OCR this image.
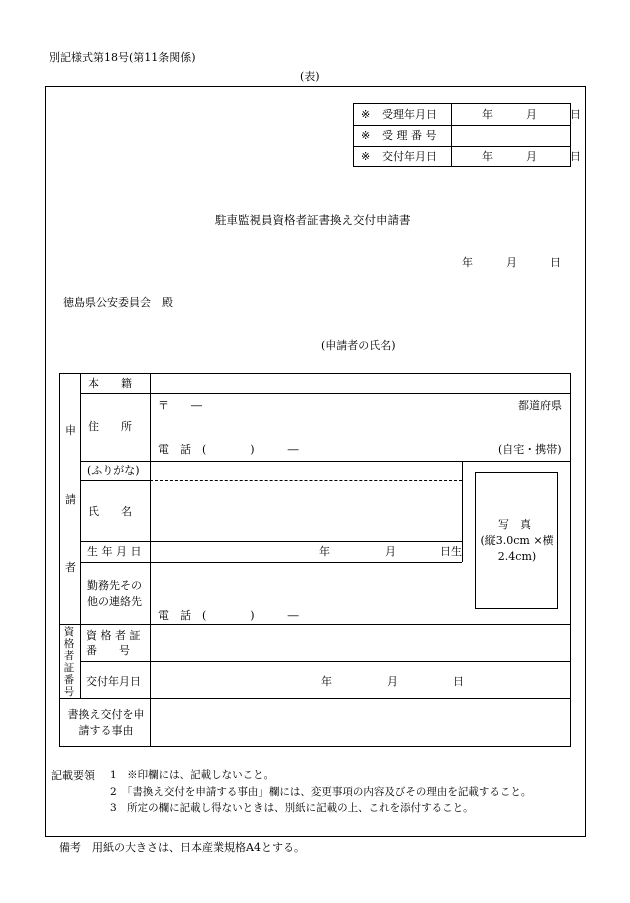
別記様式第18号(第11条関係)
(表)
※ 受理年月日	年　　　月　　　日
※ 受 理 番 号
※ 交付年月日	年　　　月　　　日
駐車監視員資格者証書換え交付申請書
年　　　月　　　日
徳島県公安委員会　殿
(申請者の氏名)
申
請
者
本　　籍
住　　所
〒　　―	都道府県
電　話　(　　　　)　　　―	(自宅・携帯)
(ふりがな)
氏　　名
生 年 月 日	年　　　　　月　　　　日生
勤務先その他の連絡先
電　話　(　　　　)　　　―
写　真
(縦3.0cm ×横2.4cm)
資
格
者
証
番
号
資 格 者 証 番　　号
交付年月日	年　　　　　月　　　　　日
書換え交付を申請する事由
記載要領 1　※印欄には、記載しないこと。
2　「書換え交付を申請する事由」欄には、変更事項の内容及びその理由を記載すること。
3　所定の欄に記載し得ないときは、別紙に記載の上、これを添付すること。
備考　用紙の大きさは、日本産業規格A4とする。
